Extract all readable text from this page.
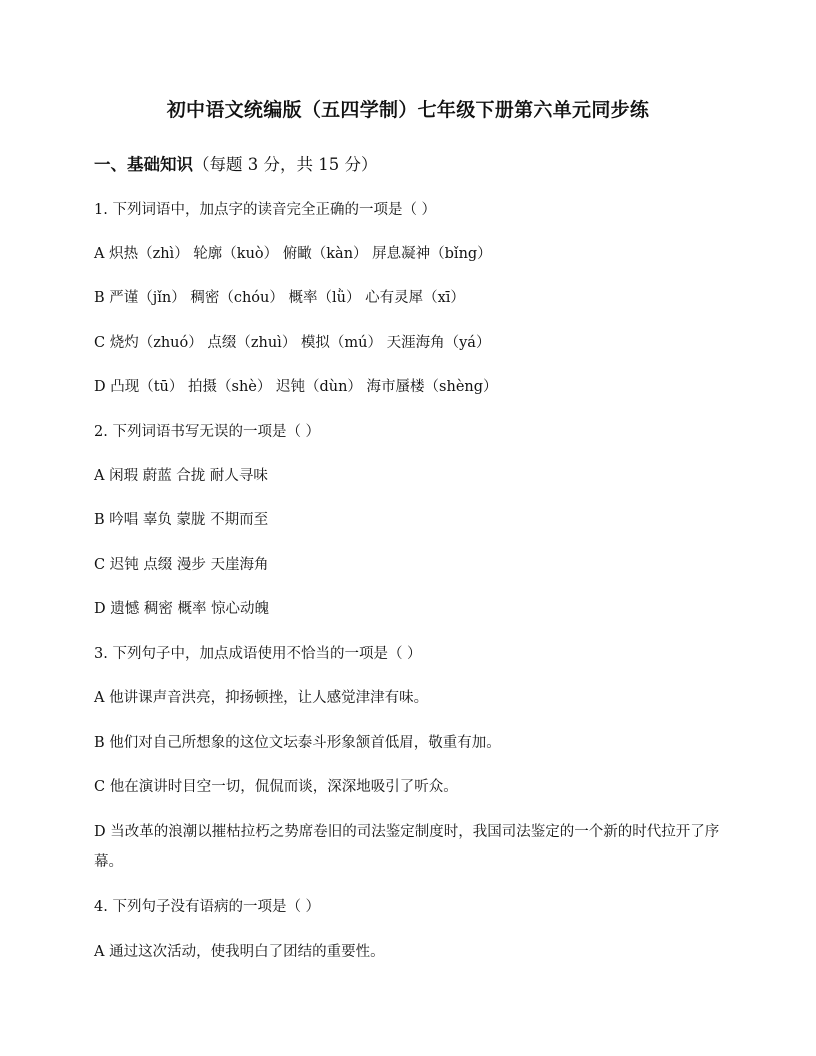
初中语文统编版（五四学制）七年级下册第六单元同步练
一、基础知识（每题 3 分，共 15 分）
1. 下列词语中，加点字的读音完全正确的一项是（ ）
A 炽热（zhì） 轮廓（kuò） 俯瞰（kàn） 屏息凝神（bǐng）
B 严谨（jǐn） 稠密（chóu） 概率（lǜ） 心有灵犀（xī）
C 烧灼（zhuó） 点缀（zhuì） 模拟（mú） 天涯海角（yá）
D 凸现（tū） 拍摄（shè） 迟钝（dùn） 海市蜃楼（shèng）
2. 下列词语书写无误的一项是（ ）
A 闲瑕 蔚蓝 合拢 耐人寻味
B 吟唱 辜负 蒙胧 不期而至
C 迟钝 点缀 漫步 天崖海角
D 遗憾 稠密 概率 惊心动魄
3. 下列句子中，加点成语使用不恰当的一项是（ ）
A 他讲课声音洪亮，抑扬顿挫，让人感觉津津有味。
B 他们对自己所想象的这位文坛泰斗形象颔首低眉，敬重有加。
C 他在演讲时目空一切，侃侃而谈，深深地吸引了听众。
D 当改革的浪潮以摧枯拉朽之势席卷旧的司法鉴定制度时，我国司法鉴定的一个新的时代拉开了序幕。
4. 下列句子没有语病的一项是（ ）
A 通过这次活动，使我明白了团结的重要性。
